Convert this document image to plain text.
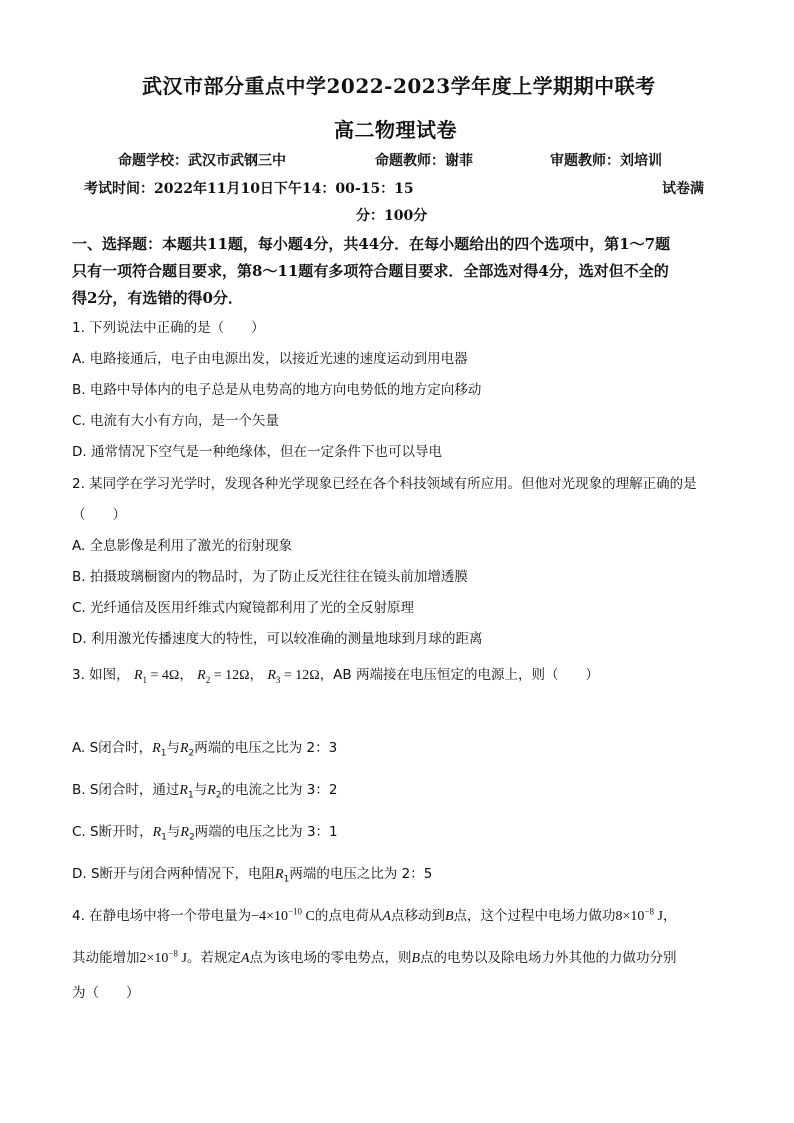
武汉市部分重点中学2022-2023学年度上学期期中联考
高二物理试卷
命题学校：武汉市武钢三中	命题教师：谢菲	审题教师：刘培训
考试时间：2022年11月10日下午14：00-15：15	试卷满
分：100分
一、选择题：本题共11题，每小题4分，共44分．在每小题给出的四个选项中，第1～7题
只有一项符合题目要求，第8～11题有多项符合题目要求．全部选对得4分，选对但不全的
得2分，有选错的得0分．
1. 下列说法中正确的是（　　）
A. 电路接通后，电子由电源出发，以接近光速的速度运动到用电器
B. 电路中导体内的电子总是从电势高的地方向电势低的地方定向移动
C. 电流有大小有方向，是一个矢量
D. 通常情况下空气是一种绝缘体，但在一定条件下也可以导电
2. 某同学在学习光学时，发现各种光学现象已经在各个科技领域有所应用。但他对光现象的理解正确的是
（　　）
A. 全息影像是利用了激光的衍射现象
B. 拍摄玻璃橱窗内的物品时，为了防止反光往往在镜头前加增透膜
C. 光纤通信及医用纤维式内窥镜都利用了光的全反射原理
D. 利用激光传播速度大的特性，可以较准确的测量地球到月球的距离
3. 如图， $R_1 = 4\Omega$， $R_2 = 12\Omega$， $R_3 = 12\Omega$，AB 两端接在电压恒定的电源上，则（　　）
A. S闭合时，$R_1$与$R_2$两端的电压之比为 2：3
B. S闭合时，通过$R_1$与$R_2$的电流之比为 3：2
C. S断开时，$R_1$与$R_2$两端的电压之比为 3：1
D. S断开与闭合两种情况下，电阻$R_1$两端的电压之比为 2：5
4. 在静电场中将一个带电量为$-4\times 10^{-10}$ C的点电荷从A点移动到B点，这个过程中电场力做功$8\times 10^{-8}$ J，
其动能增加$2\times 10^{-8}$ J。若规定A点为该电场的零电势点，则B点的电势以及除电场力外其他的力做功分别
为（　　）
